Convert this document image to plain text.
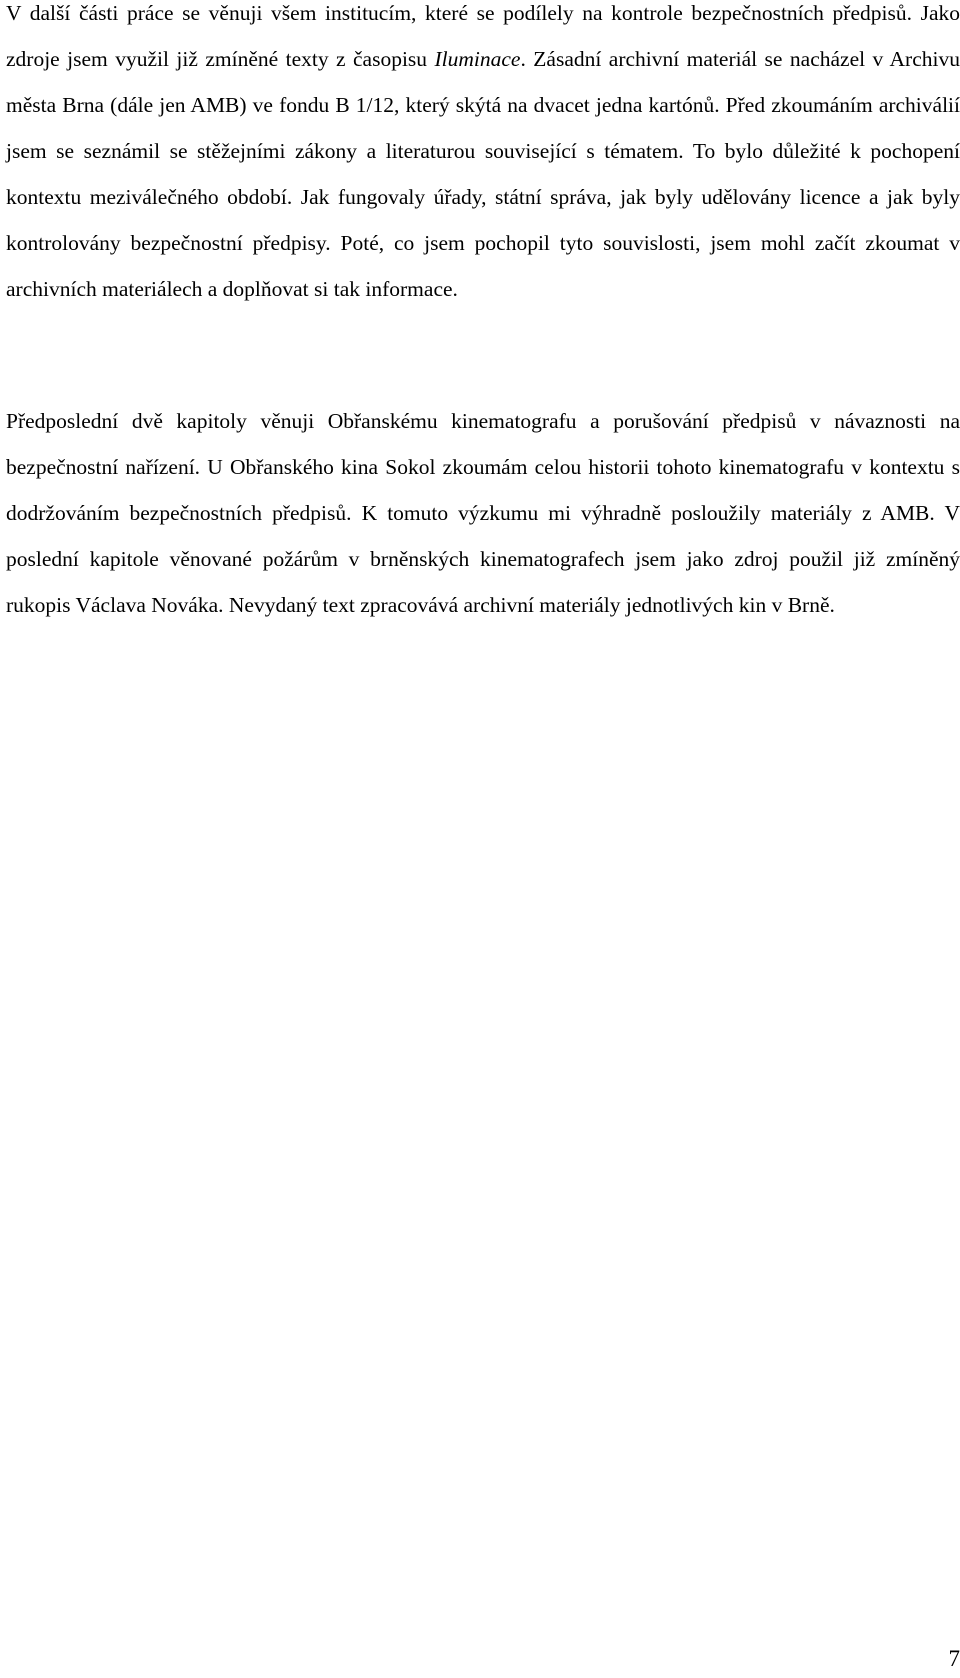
V další části práce se věnuji všem institucím, které se podílely na kontrole bezpečnostních předpisů. Jako zdroje jsem využil již zmíněné texty z časopisu Iluminace. Zásadní archivní materiál se nacházel v Archivu města Brna (dále jen AMB) ve fondu B 1/12, který skýtá na dvacet jedna kartónů. Před zkoumáním archiválií jsem se seznámil se stěžejními zákony a literaturou související s tématem. To bylo důležité k pochopení kontextu meziválečného období. Jak fungovaly úřady, státní správa, jak byly udělovány licence a jak byly kontrolovány bezpečnostní předpisy. Poté, co jsem pochopil tyto souvislosti, jsem mohl začít zkoumat v archivních materiálech a doplňovat si tak informace.

Předposlední dvě kapitoly věnuji Obřanskému kinematografu a porušování předpisů v návaznosti na bezpečnostní nařízení. U Obřanského kina Sokol zkoumám celou historii tohoto kinematografu v kontextu s dodržováním bezpečnostních předpisů. K tomuto výzkumu mi výhradně posloužily materiály z AMB. V poslední kapitole věnované požárům v brněnských kinematografech jsem jako zdroj použil již zmíněný rukopis Václava Nováka. Nevydaný text zpracovává archivní materiály jednotlivých kin v Brně.

7
